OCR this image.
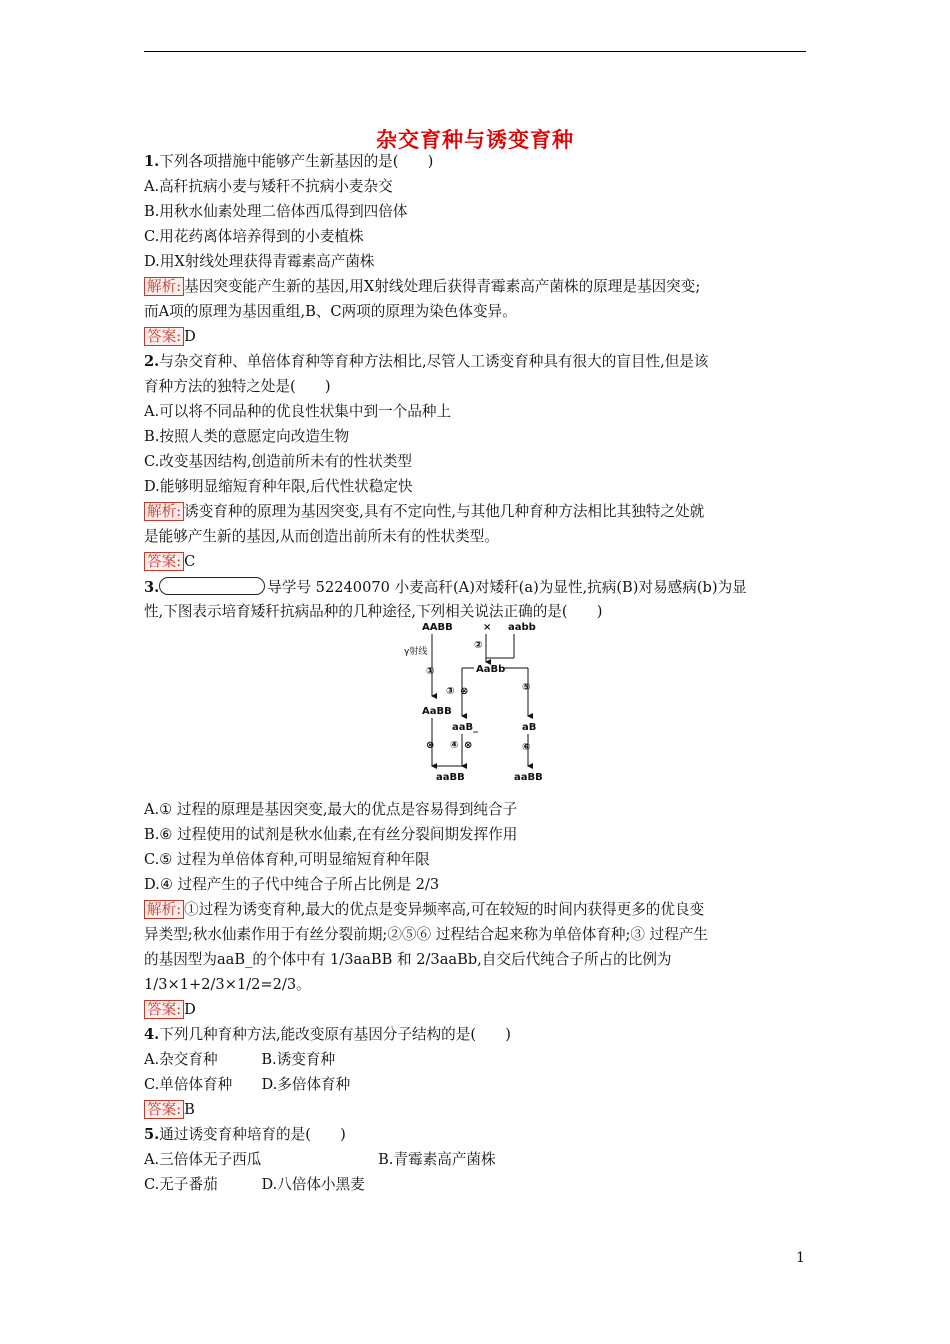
杂交育种与诱变育种
1.下列各项措施中能够产生新基因的是(　　)
A.高秆抗病小麦与矮秆不抗病小麦杂交
B.用秋水仙素处理二倍体西瓜得到四倍体
C.用花药离体培养得到的小麦植株
D.用X射线处理获得青霉素高产菌株
解析: 基因突变能产生新的基因,用X射线处理后获得青霉素高产菌株的原理是基因突变;
而A项的原理为基因重组,B、C两项的原理为染色体变异。
答案: D
2.与杂交育种、单倍体育种等育种方法相比,尽管人工诱变育种具有很大的盲目性,但是该
育种方法的独特之处是(　　)
A.可以将不同品种的优良性状集中到一个品种上
B.按照人类的意愿定向改造生物
C.改变基因结构,创造前所未有的性状类型
D.能够明显缩短育种年限,后代性状稳定快
解析: 诱变育种的原理为基因突变,具有不定向性,与其他几种育种方法相比其独特之处就
是能够产生新的基因,从而创造出前所未有的性状类型。
答案: C
3.	导学号 52240070 小麦高秆(A)对矮秆(a)为显性,抗病(B)对易感病(b)为显
性,下图表示培育矮秆抗病品种的几种途径,下列相关说法正确的是(　　)
A.① 过程的原理是基因突变,最大的优点是容易得到纯合子
B.⑥ 过程使用的试剂是秋水仙素,在有丝分裂间期发挥作用
C.⑤ 过程为单倍体育种,可明显缩短育种年限
D.④ 过程产生的子代中纯合子所占比例是 2/3
解析: ①过程为诱变育种,最大的优点是变异频率高,可在较短的时间内获得更多的优良变
异类型;秋水仙素作用于有丝分裂前期;②⑤⑥ 过程结合起来称为单倍体育种;③ 过程产生
的基因型为aaB_的个体中有 1/3aaBB 和 2/3aaBb,自交后代纯合子所占的比例为
1/3×1+2/3×1/2=2/3。
答案: D
4.下列几种育种方法,能改变原有基因分子结构的是(　　)
A.杂交育种　　　B.诱变育种
C.单倍体育种　　D.多倍体育种
答案: B
5.通过诱变育种培育的是(　　)
A.三倍体无子西瓜　　　　　　　　B.青霉素高产菌株
C.无子番茄　　　D.八倍体小黑麦
AABB	× aabb
②
γ射线
①
AaBB
AaBb
③ ⊗	⑤
aaB_	aB
⊗ ④ ⊗	⑥
aaBB	aaBB
1
